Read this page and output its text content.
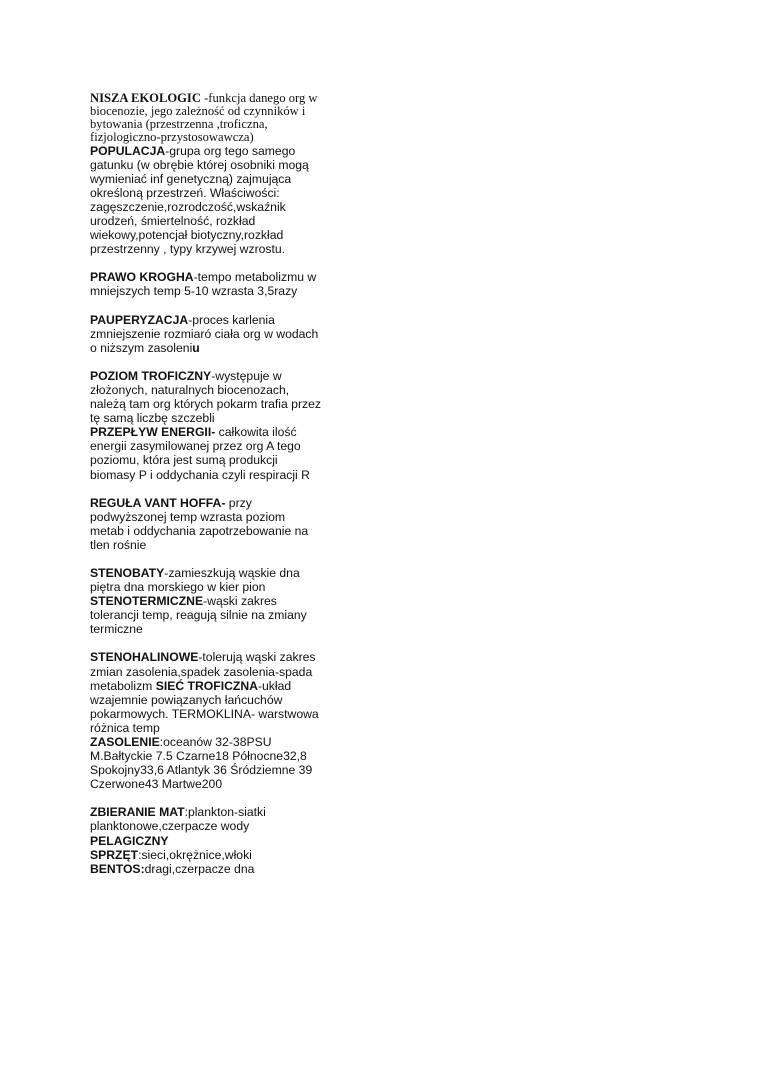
NISZA EKOLOGIC -funkcja danego org w biocenozie, jego zależność od czynników i bytowania (przestrzenna ,troficzna, fizjologiczno-przystosowawcza)

POPULACJA-grupa org tego samego gatunku (w obrębie której osobniki mogą wymieniać inf genetyczną) zajmująca określoną przestrzeń. Właściwości: zagęszczenie,rozrodczość,wskaźnik urodzeń, śmiertelność, rozkład wiekowy,potencjał biotyczny,rozkład przestrzenny , typy krzywej wzrostu.

PRAWO KROGHA-tempo metabolizmu w mniejszych temp 5-10 wzrasta 3,5razy

PAUPERYZACJA-proces karlenia zmniejszenie rozmiaró ciała org w wodach o niższym zasoleniu

POZIOM TROFICZNY-występuje w złożonych, naturalnych biocenozach, należą tam org których pokarm trafia przez tę samą liczbę szczebli

PRZEPŁYW ENERGII- całkowita ilość energii zasymilowanej przez org A tego poziomu, która jest sumą produkcji biomasy P i oddychania czyli respiracji R

REGUŁA VANT HOFFA- przy podwyższonej temp wzrasta poziom metab i oddychania zapotrzebowanie na tlen rośnie

STENOBATY-zamieszkują wąskie dna piętra dna morskiego w kier pion

STENOTERMICZNE-wąski zakres tolerancji temp, reagują silnie na zmiany termiczne

STENOHALINOWE-tolerują wąski zakres zmian zasolenia,spadek zasolenia-spada metabolizm SIEĆ TROFICZNA-układ wzajemnie powiązanych łańcuchów pokarmowych. TERMOKLINA- warstwowa różnica temp

ZASOLENIE:oceanów 32-38PSU M.Bałtyckie 7.5 Czarne18 Północne32,8 Spokojny33,6 Atlantyk 36 Śródziemne 39 Czerwone43 Martwe200

ZBIERANIE MAT:plankton-siatki planktonowe,czerpacze wody

PELAGICZNY

SPRZĘT:sieci,okrężnice,włoki

BENTOS:dragi,czerpacze dna
